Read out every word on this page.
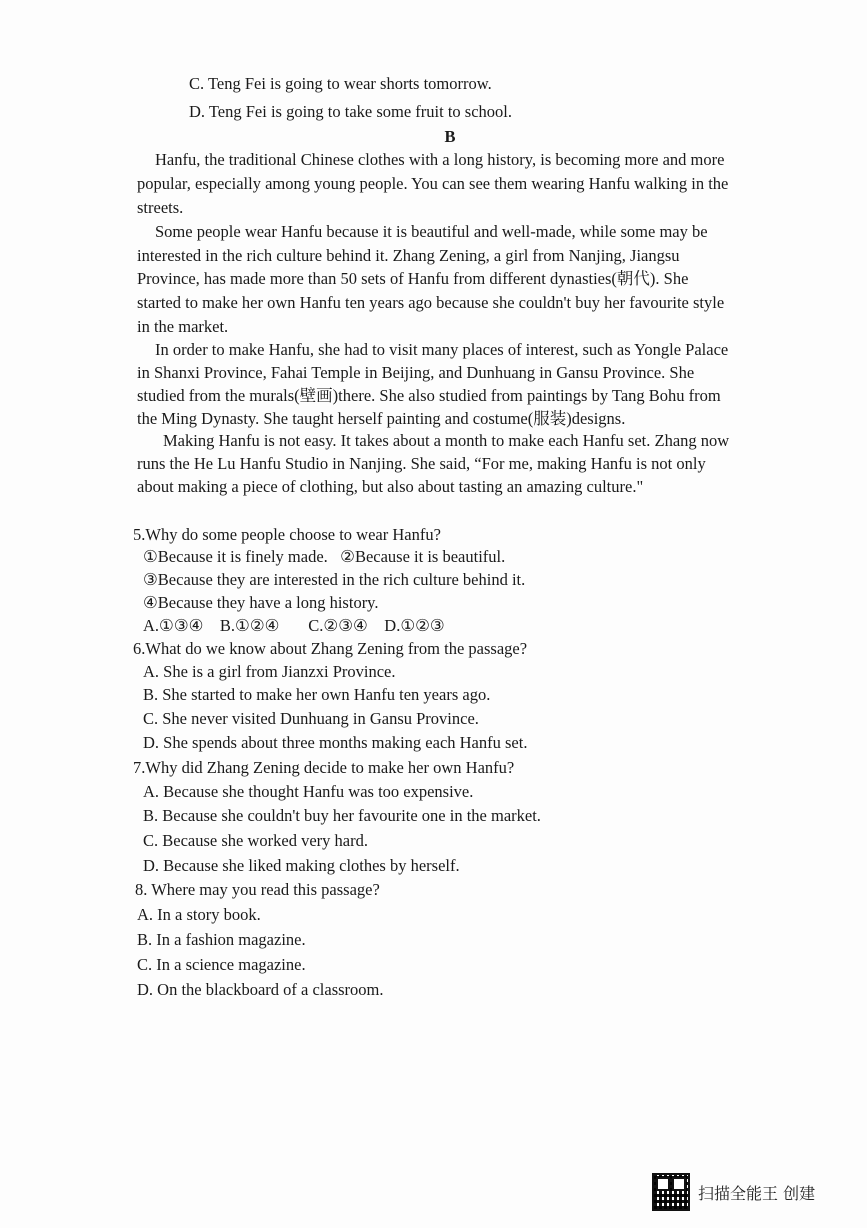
C. Teng Fei is going to wear shorts tomorrow.
D. Teng Fei is going to take some fruit to school.
B
Hanfu, the traditional Chinese clothes with a long history, is becoming more and more
popular, especially among young people. You can see them wearing Hanfu walking in the
streets.
Some people wear Hanfu because it is beautiful and well-made, while some may be
interested in the rich culture behind it. Zhang Zening, a girl from Nanjing, Jiangsu
Province, has made more than 50 sets of Hanfu from different dynasties(朝代). She
started to make her own Hanfu ten years ago because she couldn't buy her favourite style
in the market.
In order to make Hanfu, she had to visit many places of interest, such as Yongle Palace
in Shanxi Province, Fahai Temple in Beijing, and Dunhuang in Gansu Province. She
studied from the murals(壁画)there. She also studied from paintings by Tang Bohu from
the Ming Dynasty. She taught herself painting and costume(服装)designs.
Making Hanfu is not easy. It takes about a month to make each Hanfu set. Zhang now
runs the He Lu Hanfu Studio in Nanjing. She said, “For me, making Hanfu is not only
about making a piece of clothing, but also about tasting an amazing culture."
5.Why do some people choose to wear Hanfu?
①Because it is finely made.   ②Because it is beautiful.
③Because they are interested in the rich culture behind it.
④Because they have a long history.
A.①③④    B.①②④       C.②③④    D.①②③
6.What do we know about Zhang Zening from the passage?
A. She is a girl from Jianzxi Province.
B. She started to make her own Hanfu ten years ago.
C. She never visited Dunhuang in Gansu Province.
D. She spends about three months making each Hanfu set.
7.Why did Zhang Zening decide to make her own Hanfu?
A. Because she thought Hanfu was too expensive.
B. Because she couldn't buy her favourite one in the market.
C. Because she worked very hard.
D. Because she liked making clothes by herself.
8. Where may you read this passage?
A. In a story book.
B. In a fashion magazine.
C. In a science magazine.
D. On the blackboard of a classroom.
扫描全能王 创建
